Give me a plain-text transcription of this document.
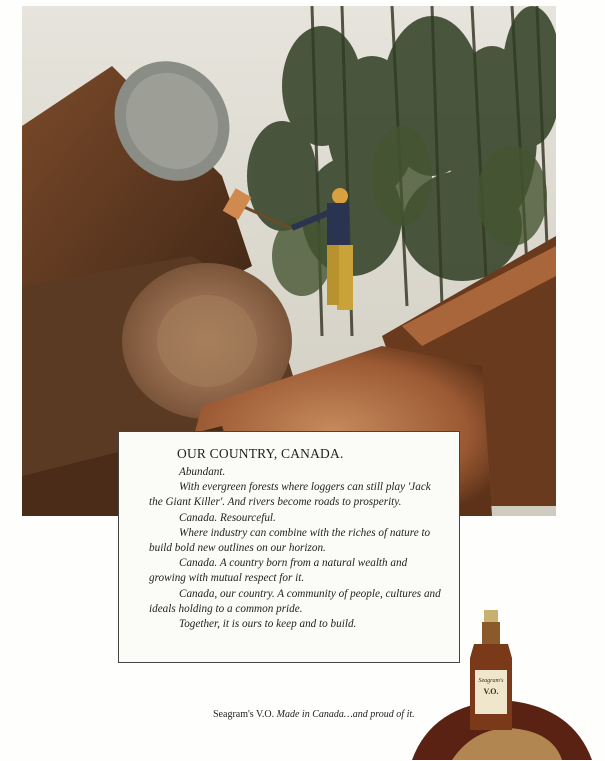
OUR COUNTRY, CANADA.

Abundant.

With evergreen forests where loggers can still play 'Jack the Giant Killer'. And rivers become roads to prosperity.

Canada. Resourceful.

Where industry can combine with the riches of nature to build bold new outlines on our horizon.

Canada. A country born from a natural wealth and growing with mutual respect for it.

Canada, our country. A community of people, cultures and ideals holding to a common pride.

Together, it is ours to keep and to build.

Seagram's V.O. Made in Canada…and proud of it.
Seagram's
V.O.
